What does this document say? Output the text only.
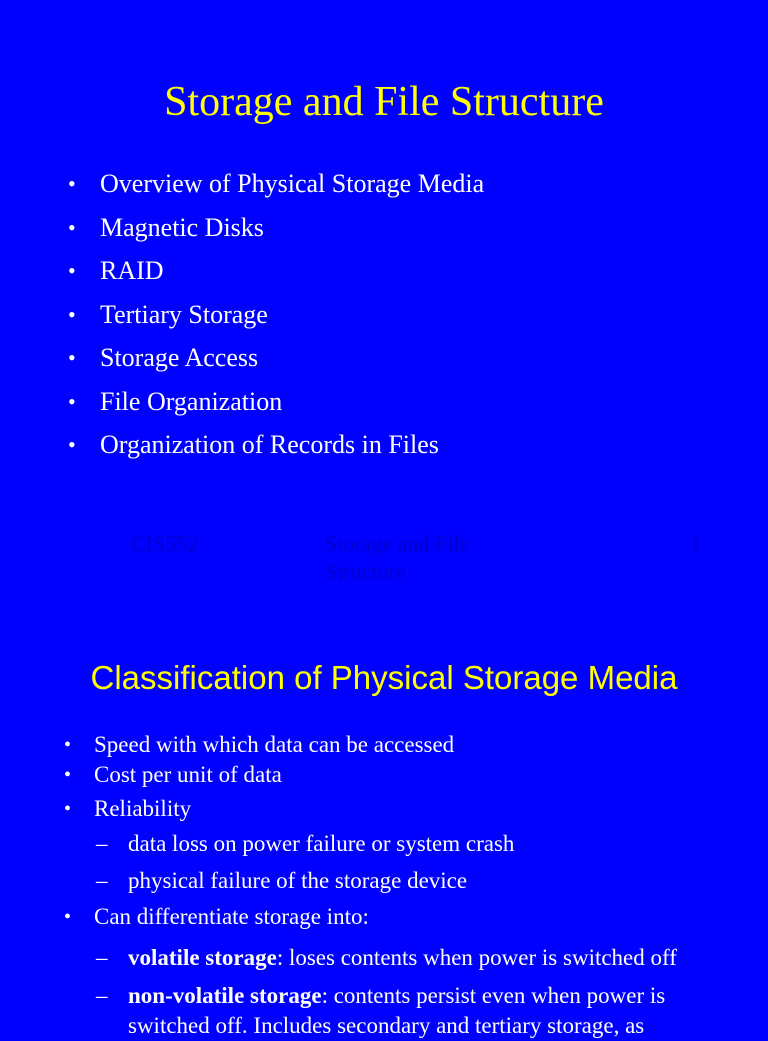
Storage and File Structure
• Overview of Physical Storage Media
• Magnetic Disks
• RAID
• Tertiary Storage
• Storage Access
• File Organization
• Organization of Records in Files
CIS552	Storage and File Structure
1
Classification of Physical Storage Media
• Speed with which data can be accessed
• Cost per unit of data
• Reliability
– data loss on power failure or system crash
– physical failure of the storage device
• Can differentiate storage into:
– volatile storage: loses contents when power is switched off
– non-volatile storage: contents persist even when power is
switched off. Includes secondary and tertiary storage, as
